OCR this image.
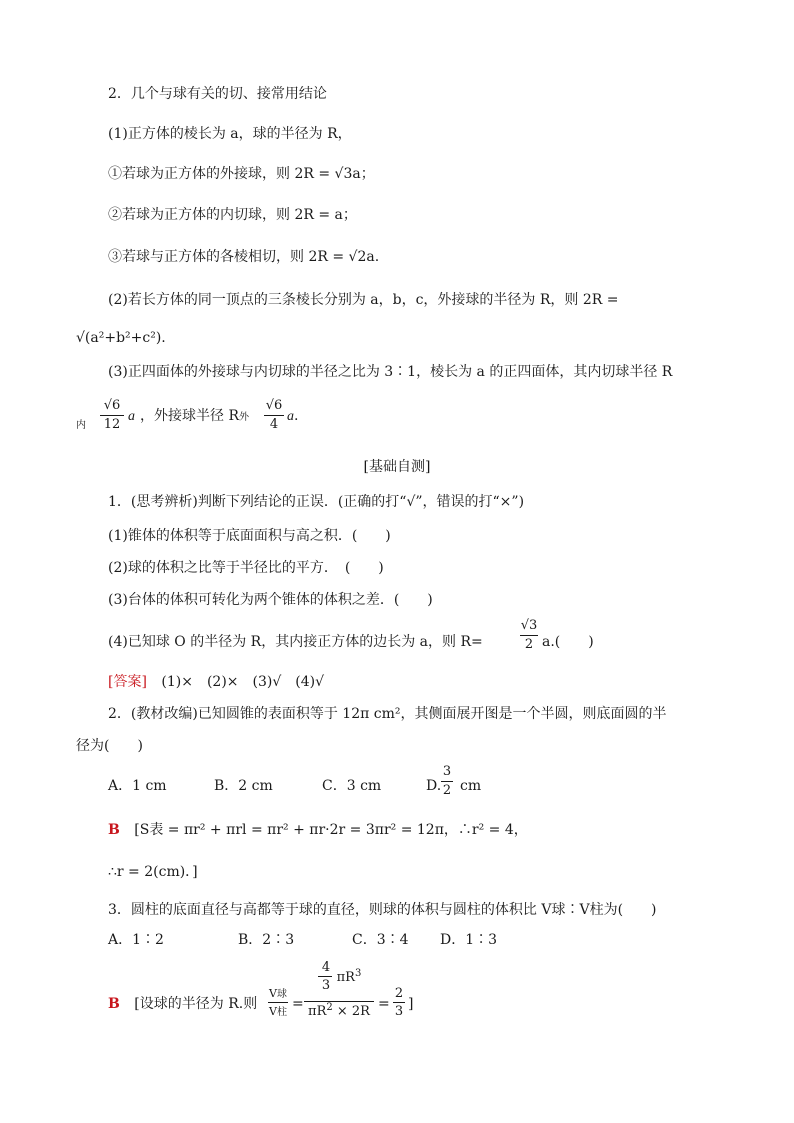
2．几个与球有关的切、接常用结论
(1)正方体的棱长为 a，球的半径为 R，
①若球为正方体的外接球，则 2R = √3a；
②若球为正方体的内切球，则 2R = a；
③若球与正方体的各棱相切，则 2R = √2a.
(2)若长方体的同一顶点的三条棱长分别为 a，b，c，外接球的半径为 R，则 2R =
√(a²+b²+c²).
(3)正四面体的外接球与内切球的半径之比为 3∶1，棱长为 a 的正四面体，其内切球半径 R
内
√6
12
a ，外接球半径 R外
√6
4
a.
[基础自测]
1．(思考辨析)判断下列结论的正误．(正确的打“√”，错误的打“×”)
(1)锥体的体积等于底面面积与高之积．(　　)
(2)球的体积之比等于半径比的平方．　(　　)
(3)台体的体积可转化为两个锥体的体积之差．(　　)
(4)已知球 O 的半径为 R，其内接正方体的边长为 a，则 R=
√3
2 a.(　　)
[答案] (1)×　(2)×　(3)√　(4)√
2．(教材改编)已知圆锥的表面积等于 12π cm²，其侧面展开图是一个半圆，则底面圆的半
径为(　　)
A．1 cm	B．2 cm	C．3 cm	D.
3
2 cm
B [S表 = πr² + πrl = πr² + πr·2r = 3πr² = 12π，∴r² = 4，
∴r = 2(cm)．]
3．圆柱的底面直径与高都等于球的直径，则球的体积与圆柱的体积比 V球∶V柱为(　　)
A．1∶2	B．2∶3	C．3∶4 D．1∶3
B [设球的半径为 R.则
V球
V柱
=
4
3
$\pi R^3$
$\pi R^2 \times 2R$ =
2
3 ]
